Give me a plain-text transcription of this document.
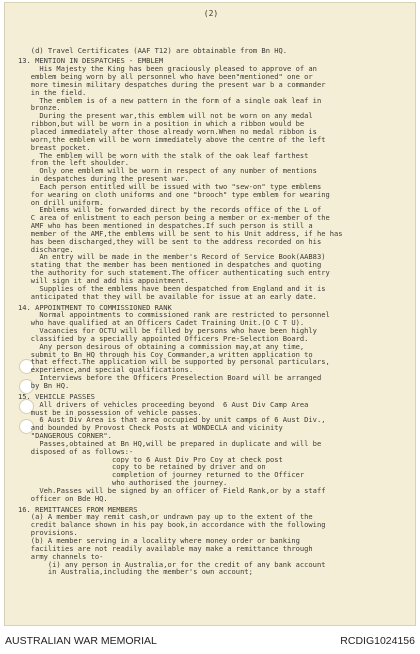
(2)

(d) Travel Certificates (AAF T12) are obtainable from Bn HQ.
13. MENTION IN DESPATCHES - EMBLEM
His Majesty the King has been graciously pleased to approve of an
emblem being worn by all personnel who have been"mentioned" one or
more timesin military despatches during the present war b a commander
in the field.
The emblem is of a new pattern in the form of a single oak leaf in
bronze.
During the present war,this emblem will not be worn on any medal
ribbon,but will be worn in a position in which a ribbon would be
placed immediately after those already worn.When no medal ribbon is
worn,the emblem will be worn immediately above the centre of the left
breast pocket.
The emblem will be worn with the stalk of the oak leaf farthest
from the left shoulder.
Only one emblem will be worn in respect of any number of mentions
in despatches during the present war.
Each person entitled will be issued with two "sew-on" type emblems
for wearing on cloth uniforms and one "brooch" type emblem for wearing
on drill uniform.
Emblems will be forwarded direct by the records office of the L of
C area of enlistment to each person being a member or ex-member of the
AMF who has been mentioned in despatches.If such person is still a
member of the AMF,the emblems will be sent to his Unit address, if he has
has been discharged,they will be sent to the address recorded on his
discharge.
An entry will be made in the member's Record of Service Book(AAB83)
stating that the member has been mentioned in despatches and quoting
the authority for such statement.The officer authenticating such entry
will sign it and add his appointment.
Supplies of the emblems have been despatched from England and it is
anticipated that they will be available for issue at an early date.
14. APPOINTMENT TO COMMISSIONED RANK
Normal appointments to commissioned rank are restricted to personnel
who have qualified at an Officers Cadet Training Unit.(O C T U).
Vacancies for OCTU will be filled by persons who have been highly
classified by a specially appointed Officers Pre-Selection Board.
Any person desirous of obtaining a commission may,at any time,
submit to Bn HQ through his Coy Commander,a written application to
that effect.The application will be supported by personal particulars,
experience,and special qualifications.
Interviews before the Officers Preselection Board will be arranged
by Bn HQ.
15. VEHICLE PASSES
All drivers of vehicles proceeding beyond  6 Aust Div Camp Area
must be in possession of vehicle passes.
6 Aust Div Area is that area occupied by unit camps of 6 Aust Div.,
and bounded by Provost Check Posts at WONDECLA and vicinity
"DANGEROUS CORNER".
Passes,obtained at Bn HQ,will be prepared in duplicate and will be
disposed of as follows:-
copy to 6 Aust Div Pro Coy at check post
copy to be retained by driver and on
completion of journey returned to the Officer
who authorised the journey.
Veh.Passes will be signed by an officer of Field Rank,or by a staff
officer on Bde HQ.
16. REMITTANCES FROM MEMBERS
(a) A member may remit cash,or undrawn pay up to the extent of the
credit balance shown in his pay book,in accordance with the following
provisions.
(b) A member serving in a locality where money order or banking
facilities are not readily available may make a remittance through
army channels to-
(i) any person in Australia,or for the credit of any bank account
in Australia,including the member's own account;
AUSTRALIAN WAR MEMORIAL	RCDIG1024156
